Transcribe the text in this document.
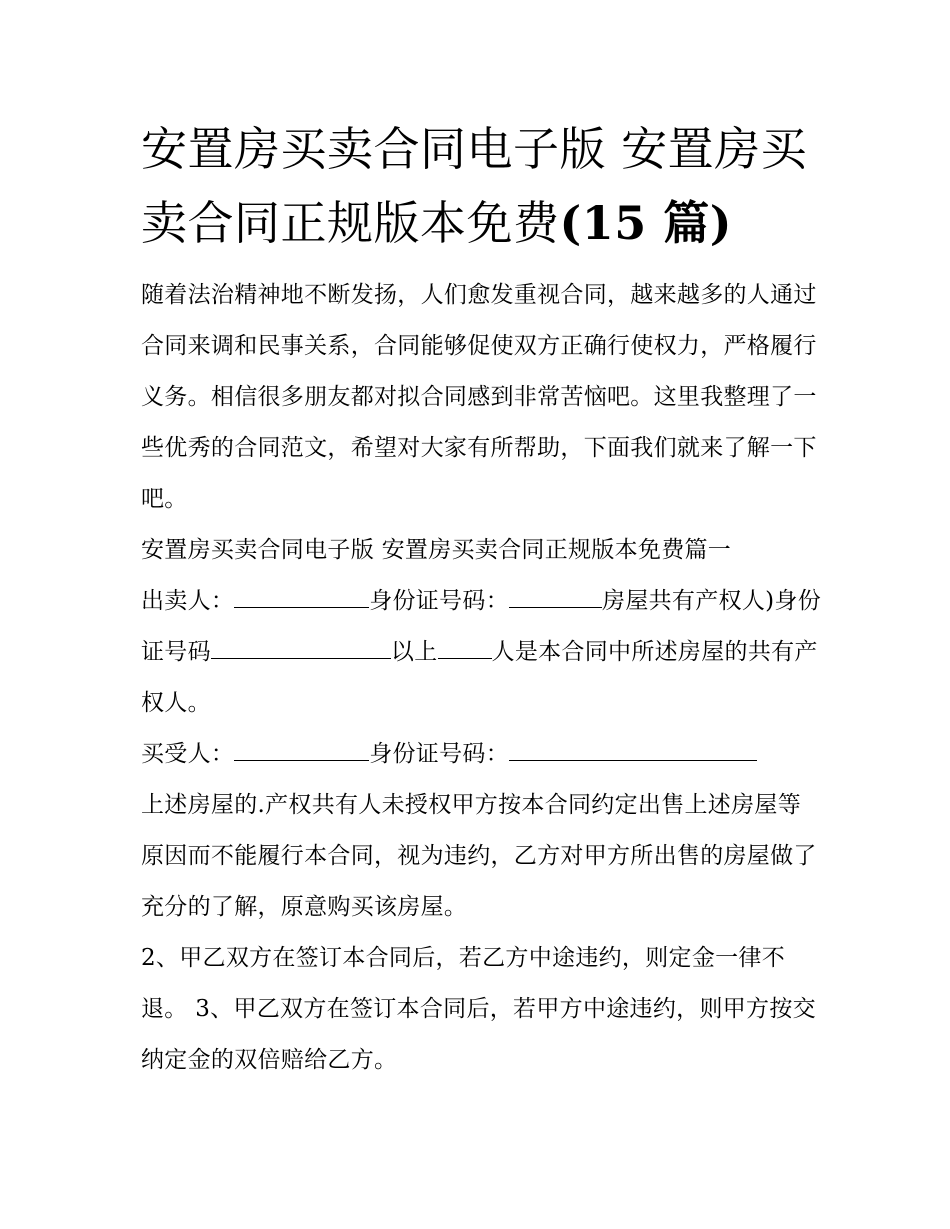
安置房买卖合同电子版 安置房买卖合同正规版本免费(15 篇)

随着法治精神地不断发扬，人们愈发重视合同，越来越多的人通过合同来调和民事关系，合同能够促使双方正确行使权力，严格履行义务。相信很多朋友都对拟合同感到非常苦恼吧。这里我整理了一些优秀的合同范文，希望对大家有所帮助，下面我们就来了解一下吧。

安置房买卖合同电子版 安置房买卖合同正规版本免费篇一

出卖人：	身份证号码：	房屋共有产权人)身份证号码	以上 人是本合同中所述房屋的共有产权人。

买受人：	身份证号码：

上述房屋的.产权共有人未授权甲方按本合同约定出售上述房屋等原因而不能履行本合同，视为违约，乙方对甲方所出售的房屋做了充分的了解，原意购买该房屋。

2、甲乙双方在签订本合同后，若乙方中途违约，则定金一律不退。 3、甲乙双方在签订本合同后，若甲方中途违约，则甲方按交纳定金的双倍赔给乙方。
